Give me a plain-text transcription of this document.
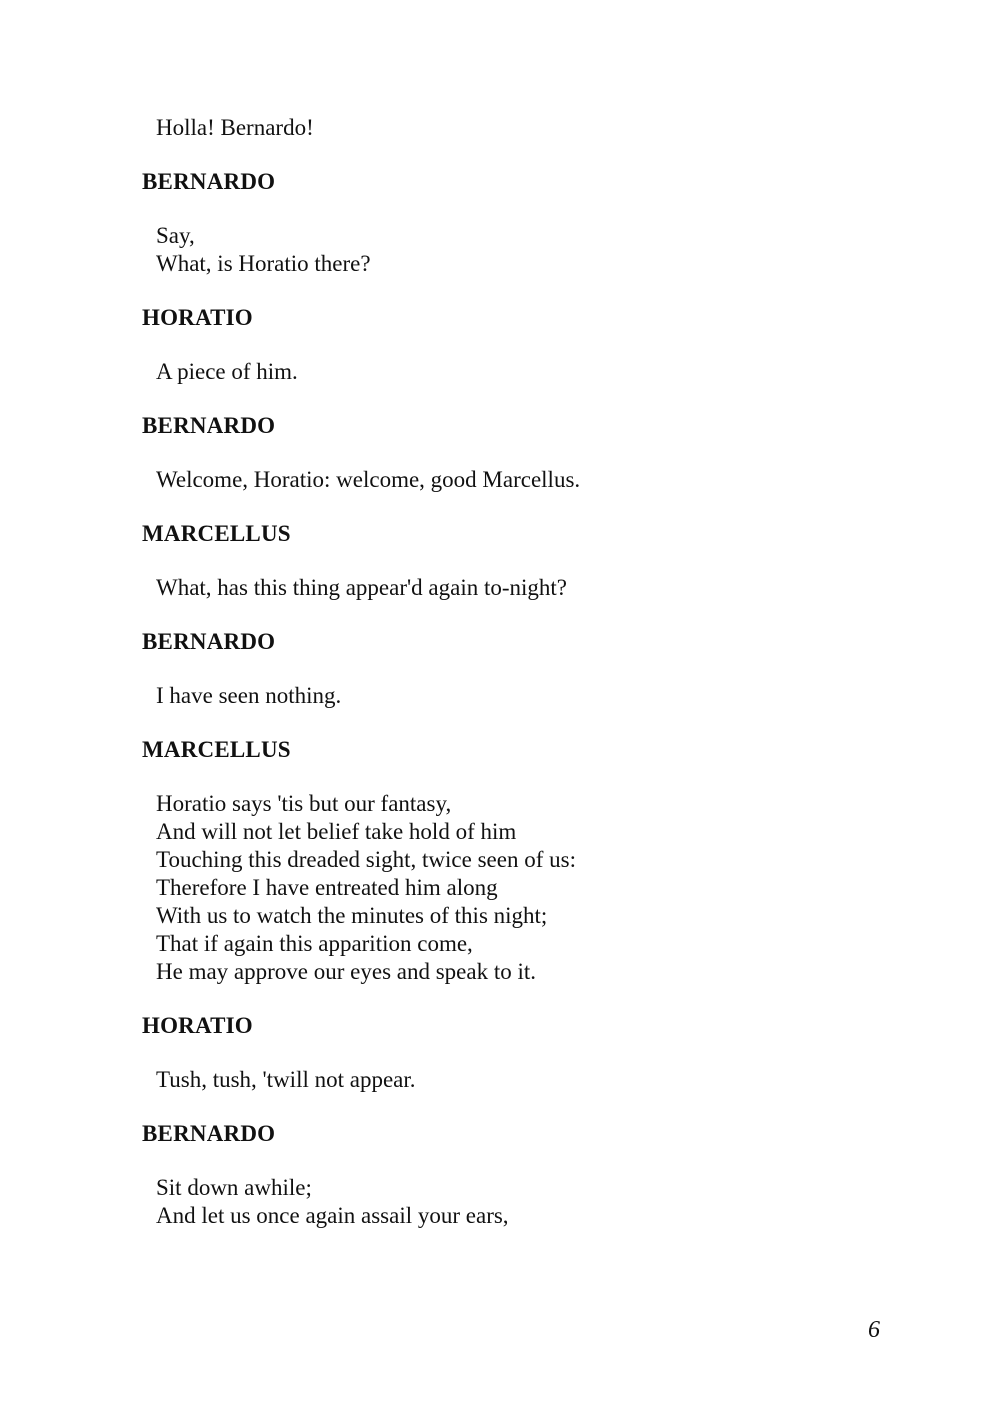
Holla! Bernardo!
BERNARDO
Say,
What, is Horatio there?
HORATIO
A piece of him.
BERNARDO
Welcome, Horatio: welcome, good Marcellus.
MARCELLUS
What, has this thing appear'd again to-night?
BERNARDO
I have seen nothing.
MARCELLUS
Horatio says 'tis but our fantasy,
And will not let belief take hold of him
Touching this dreaded sight, twice seen of us:
Therefore I have entreated him along
With us to watch the minutes of this night;
That if again this apparition come,
He may approve our eyes and speak to it.
HORATIO
Tush, tush, 'twill not appear.
BERNARDO
Sit down awhile;
And let us once again assail your ears,
6
